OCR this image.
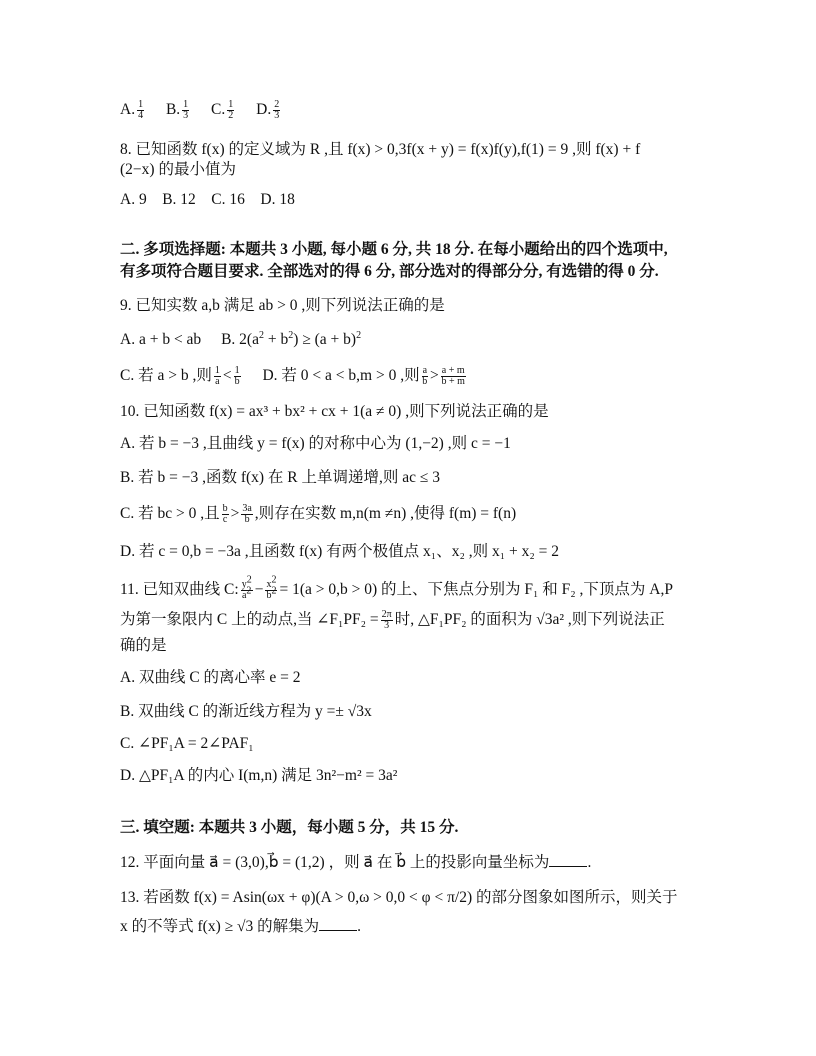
A. $\frac{1}{4} B$. $\frac{1}{3} C$. $\frac{1}{2} D$. $\frac{2}{3}$
8. 已知函数 f(x) 的定义域为 R ,且 f(x) > 0,3f(x + y) = f(x)f(y),f(1) = 9 ,则 f(x) + f
(2−x) 的最小值为
A. 9    B. 12    C. 16    D. 18
二. 多项选择题: 本题共 3 小题, 每小题 6 分, 共 18 分. 在每小题给出的四个选项中,
有多项符合题目要求. 全部选对的得 6 分, 部分选对的得部分分, 有选错的得 0 分.
9. 已知实数 a,b 满足 ab > 0 ,则下列说法正确的是
A. a + b < ab B. $2(a^2 + b^2) \ge (a + b)^2$
C. 若 a > b ,则 $\frac{1}{a} < \frac{1}{b} D$. 若 0 < a < b,m > 0 ,则 $\frac{a}{b} > \frac{a + m}{b + m}$
10. 已知函数 f(x) = ax³ + bx² + cx + 1(a ≠ 0) ,则下列说法正确的是
A. 若 b = −3 ,且曲线 y = f(x) 的对称中心为 (1,−2) ,则 c = −1
B. 若 b = −3 ,函数 f(x) 在 R 上单调递增,则 ac ≤ 3
C. 若 bc > 0 ,且 $\frac{b}{c} > \frac{3a}{b}$ ,则存在实数 m,n(m ≠n) ,使得 f(m) = f(n)
D. 若 c = 0,b = −3a ,且函数 f(x) 有两个极值点 x₁、x₂ ,则 x₁ + x₂ = 2
11. 已知双曲线 C: $\frac{y^2}{a^2} - \frac{x^2}{b^2} = 1(a > 0,b > 0)$ 的上、下焦点分别为 F₁ 和 F₂ ,下顶点为 A,P
为第一象限内 C 上的动点,当 ∠F₁PF₂ = $\frac{2\pi}{3}$ 时, △F₁PF₂ 的面积为 √3a² ,则下列说法正
确的是
A. 双曲线 C 的离心率 e = 2
B. 双曲线 C 的渐近线方程为 y =± √3x
C. ∠PF₁A = 2∠PAF₁
D. △PF₁A 的内心 I(m,n) 满足 3n²−m² = 3a²
三. 填空题: 本题共 3 小题，每小题 5 分，共 15 分.
12. 平面向量 a⃗ = (3,0),b⃗ = (1,2) ，则 a⃗ 在 b⃗ 上的投影向量坐标为 .
13. 若函数 f(x) = Asin(ωx + φ)(A > 0,ω > 0,0 < φ < π/2) 的部分图象如图所示，则关于
x 的不等式 f(x) ≥ √3 的解集为 .
